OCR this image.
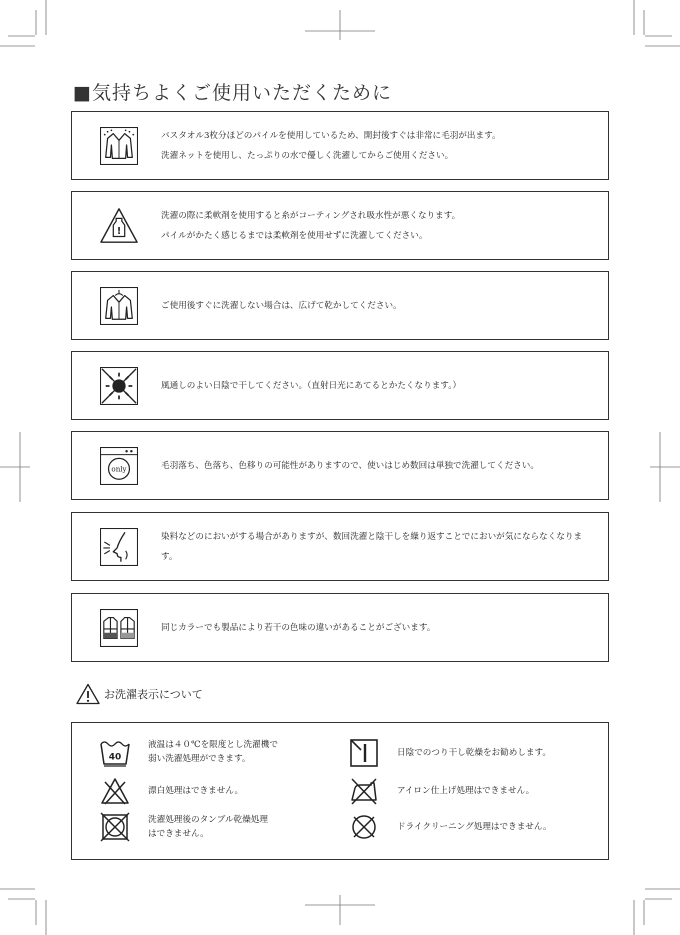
■気持ちよくご使用いただくために
バスタオル3枚分ほどのパイルを使用しているため、開封後すぐは非常に毛羽が出ます。
洗濯ネットを使用し、たっぷりの水で優しく洗濯してからご使用ください。
!
洗濯の際に柔軟剤を使用すると糸がコーティングされ吸水性が悪くなります。
パイルがかたく感じるまでは柔軟剤を使用せずに洗濯してください。
ご使用後すぐに洗濯しない場合は、広げて乾かしてください。
風通しのよい日陰で干してください。（直射日光にあてるとかたくなります。）
only	毛羽落ち、色落ち、色移りの可能性がありますので、使いはじめ数回は単独で洗濯してください。
染料などのにおいがする場合がありますが、数回洗濯と陰干しを繰り返すことでにおいが気にならなくなります。
同じカラーでも製品により若干の色味の違いがあることがございます。
お洗濯表示について
40
液温は４０℃を限度とし洗濯機で
弱い洗濯処理ができます。
漂白処理はできません。
洗濯処理後のタンブル乾燥処理
はできません。
日陰でのつり干し乾燥をお勧めします。
アイロン仕上げ処理はできません。
ドライクリーニング処理はできません。
